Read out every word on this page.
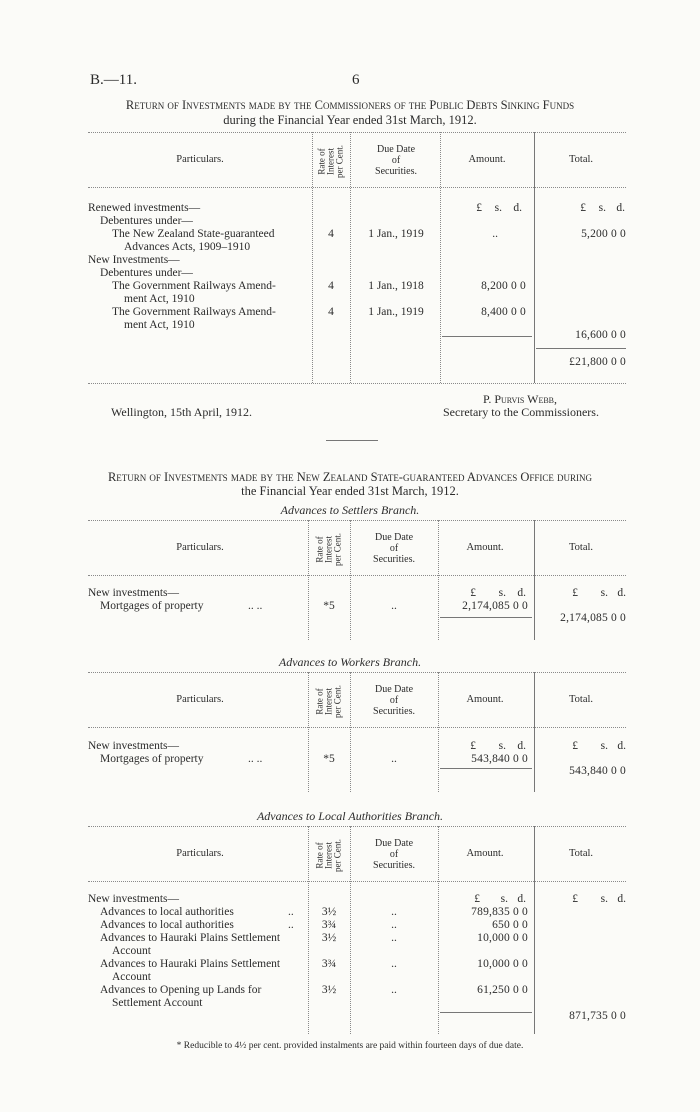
B.—11.	6
Return of Investments made by the Commissioners of the Public Debts Sinking Funds
during the Financial Year ended 31st March, 1912.
Particulars.	Rate of Interest per Cent.	Due Date
of
Securities.
Amount.	Total.
£	s. d.	£	s. d.
Renewed investments—
Debentures under—
The New Zealand State-guaranteed	4	1 Jan., 1919	..	5,200 0 0
Advances Acts, 1909–1910
New Investments—
Debentures under—
The Government Railways Amend-	4	1 Jan., 1918	8,200 0 0
ment Act, 1910
The Government Railways Amend-	4	1 Jan., 1919	8,400 0 0
ment Act, 1910
16,600 0 0
£21,800 0 0
P. Purvis Webb,
Wellington, 15th April, 1912.	Secretary to the Commissioners.
Return of Investments made by the New Zealand State-guaranteed Advances Office during
the Financial Year ended 31st March, 1912.
Advances to Settlers Branch.
Particulars.	Rate of Interest per Cent.	Due Date
of
Securities.
Amount.	Total.
£	s. d.	£	s. d.
New investments—
Mortgages of property	.. ..	*5	..	2,174,085 0 0
2,174,085 0 0
Advances to Workers Branch.
Particulars.	Rate of Interest per Cent.	Due Date
of
Securities.
Amount.	Total.
£	s. d.	£	s. d.
New investments—
Mortgages of property	.. ..	*5	..	543,840 0 0
543,840 0 0
Advances to Local Authorities Branch.
Particulars.	Rate of Interest per Cent.	Due Date
of
Securities.
Amount.	Total.
£	s. d.	£	s. d.
New investments—
Advances to local authorities	..	3½	..	789,835 0 0
Advances to local authorities	..	3¾	..	650 0 0
Advances to Hauraki Plains Settlement	3½	..	10,000 0 0
Account
Advances to Hauraki Plains Settlement	3¾	..	10,000 0 0
Account
Advances to Opening up Lands for	3½	..	61,250 0 0
Settlement Account
871,735 0 0
* Reducible to 4½ per cent. provided instalments are paid within fourteen days of due date.
